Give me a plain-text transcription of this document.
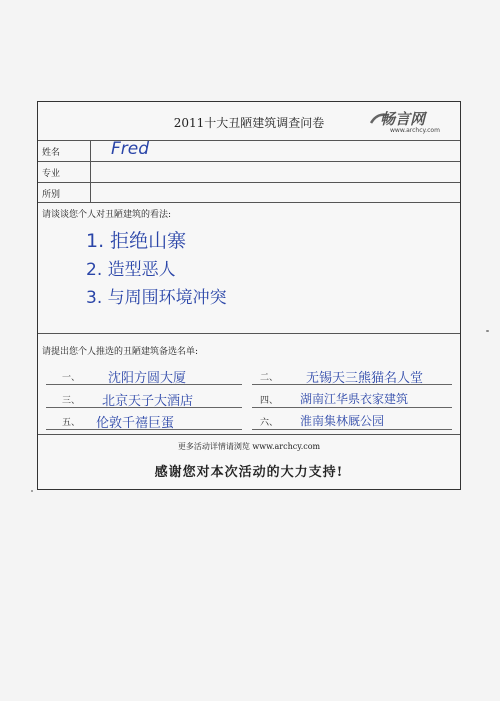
2011十大丑陋建筑调查问卷	畅言网
www.archcy.com
姓名	Fred
专业
所别
请谈谈您个人对丑陋建筑的看法:
1. 拒绝山寨
2. 造型恶人
3. 与周围环境冲突
请提出您个人推选的丑陋建筑备选名单:
一、 沈阳方圆大厦	二、 无锡天三熊猫名人堂
三、 北京天子大酒店	四、 湖南江华県衣家建筑
五、 伦敦千禧巨蛋	六、 淮南集林厩公园
更多活动详情请浏览 www.archcy.com
感谢您对本次活动的大力支持!
